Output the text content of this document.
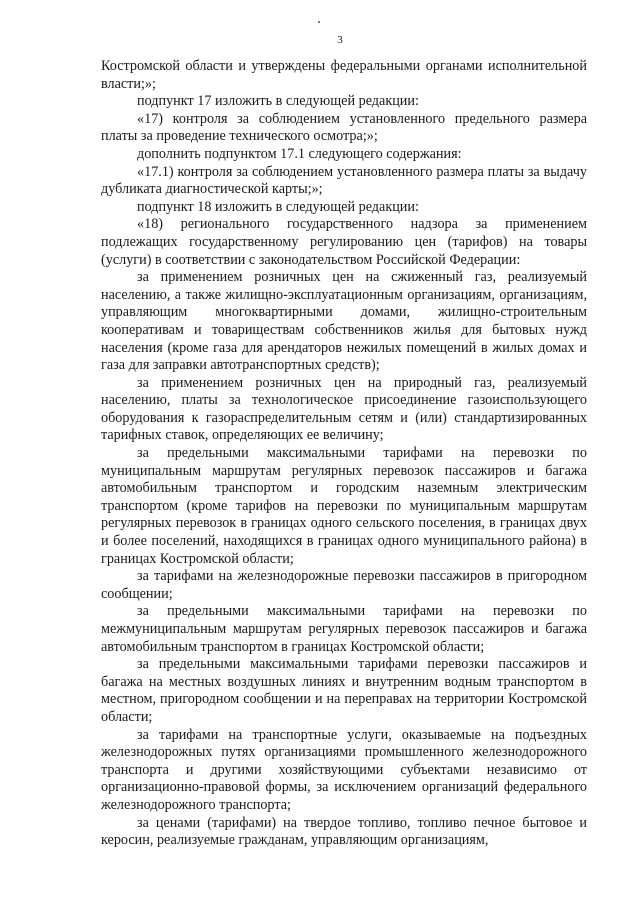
3

Костромской области и утверждены федеральными органами исполнительной власти;»;

подпункт 17 изложить в следующей редакции:

«17) контроля за соблюдением установленного предельного размера платы за проведение технического осмотра;»;

дополнить подпунктом 17.1 следующего содержания:

«17.1) контроля за соблюдением установленного размера платы за выдачу дубликата диагностической карты;»;

подпункт 18 изложить в следующей редакции:

«18) регионального государственного надзора за применением подлежащих государственному регулированию цен (тарифов) на товары (услуги) в соответствии с законодательством Российской Федерации:

за применением розничных цен на сжиженный газ, реализуемый населению, а также жилищно-эксплуатационным организациям, организациям, управляющим многоквартирными домами, жилищно-строительным кооперативам и товариществам собственников жилья для бытовых нужд населения (кроме газа для арендаторов нежилых помещений в жилых домах и газа для заправки автотранспортных средств);

за применением розничных цен на природный газ, реализуемый населению, платы за технологическое присоединение газоиспользующего оборудования к газораспределительным сетям и (или) стандартизированных тарифных ставок, определяющих ее величину;

за предельными максимальными тарифами на перевозки по муниципальным маршрутам регулярных перевозок пассажиров и багажа автомобильным транспортом и городским наземным электрическим транспортом (кроме тарифов на перевозки по муниципальным маршрутам регулярных перевозок в границах одного сельского поселения, в границах двух и более поселений, находящихся в границах одного муниципального района) в границах Костромской области;

за тарифами на железнодорожные перевозки пассажиров в пригородном сообщении;

за предельными максимальными тарифами на перевозки по межмуниципальным маршрутам регулярных перевозок пассажиров и багажа автомобильным транспортом в границах Костромской области;

за предельными максимальными тарифами перевозки пассажиров и багажа на местных воздушных линиях и внутренним водным транспортом в местном, пригородном сообщении и на переправах на территории Костромской области;

за тарифами на транспортные услуги, оказываемые на подъездных железнодорожных путях организациями промышленного железнодорожного транспорта и другими хозяйствующими субъектами независимо от организационно-правовой формы, за исключением организаций федерального железнодорожного транспорта;

за ценами (тарифами) на твердое топливо, топливо печное бытовое и керосин, реализуемые гражданам, управляющим организациям,
